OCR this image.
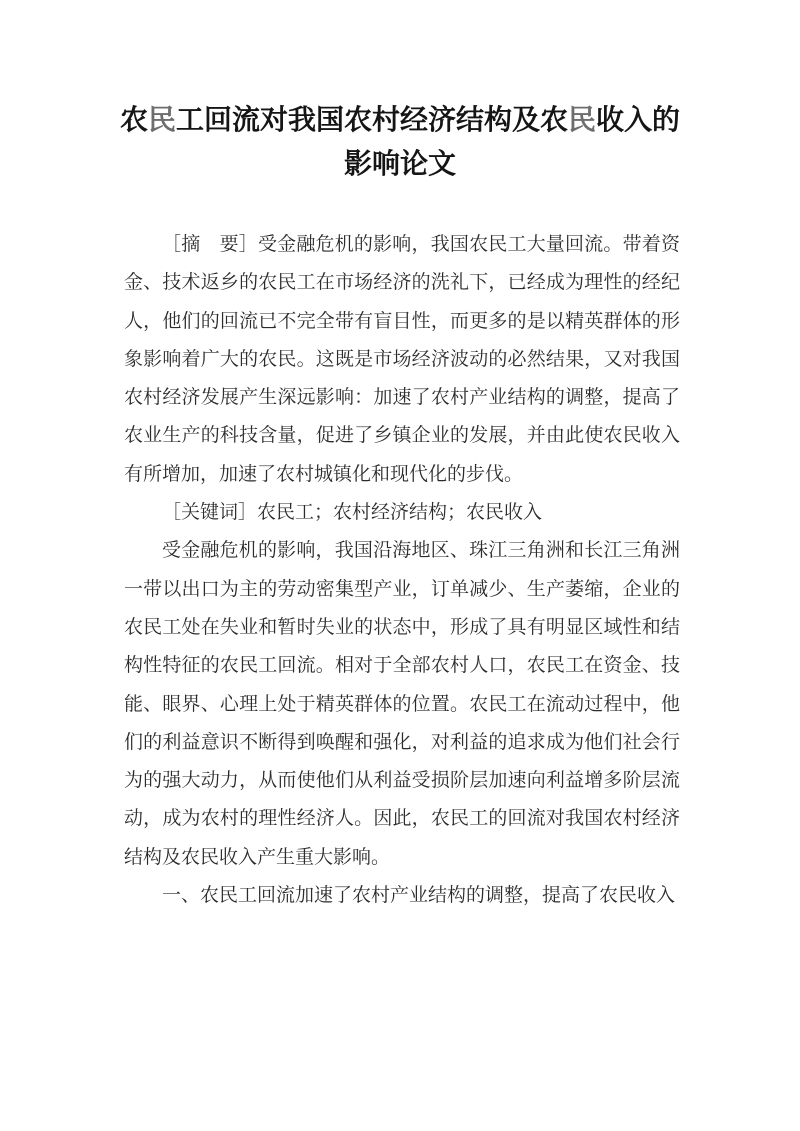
农民工回流对我国农村经济结构及农民收入的影响论文

［摘　要］受金融危机的影响，我国农民工大量回流。带着资金、技术返乡的农民工在市场经济的洗礼下，已经成为理性的经纪人，他们的回流已不完全带有盲目性，而更多的是以精英群体的形象影响着广大的农民。这既是市场经济波动的必然结果，又对我国农村经济发展产生深远影响：加速了农村产业结构的调整，提高了农业生产的科技含量，促进了乡镇企业的发展，并由此使农民收入有所增加，加速了农村城镇化和现代化的步伐。

［关键词］农民工；农村经济结构；农民收入

受金融危机的影响，我国沿海地区、珠江三角洲和长江三角洲一带以出口为主的劳动密集型产业，订单减少、生产萎缩，企业的农民工处在失业和暂时失业的状态中，形成了具有明显区域性和结构性特征的农民工回流。相对于全部农村人口，农民工在资金、技能、眼界、心理上处于精英群体的位置。农民工在流动过程中，他们的利益意识不断得到唤醒和强化，对利益的追求成为他们社会行为的强大动力，从而使他们从利益受损阶层加速向利益增多阶层流动，成为农村的理性经济人。因此，农民工的回流对我国农村经济结构及农民收入产生重大影响。

一、农民工回流加速了农村产业结构的调整，提高了农民收入
